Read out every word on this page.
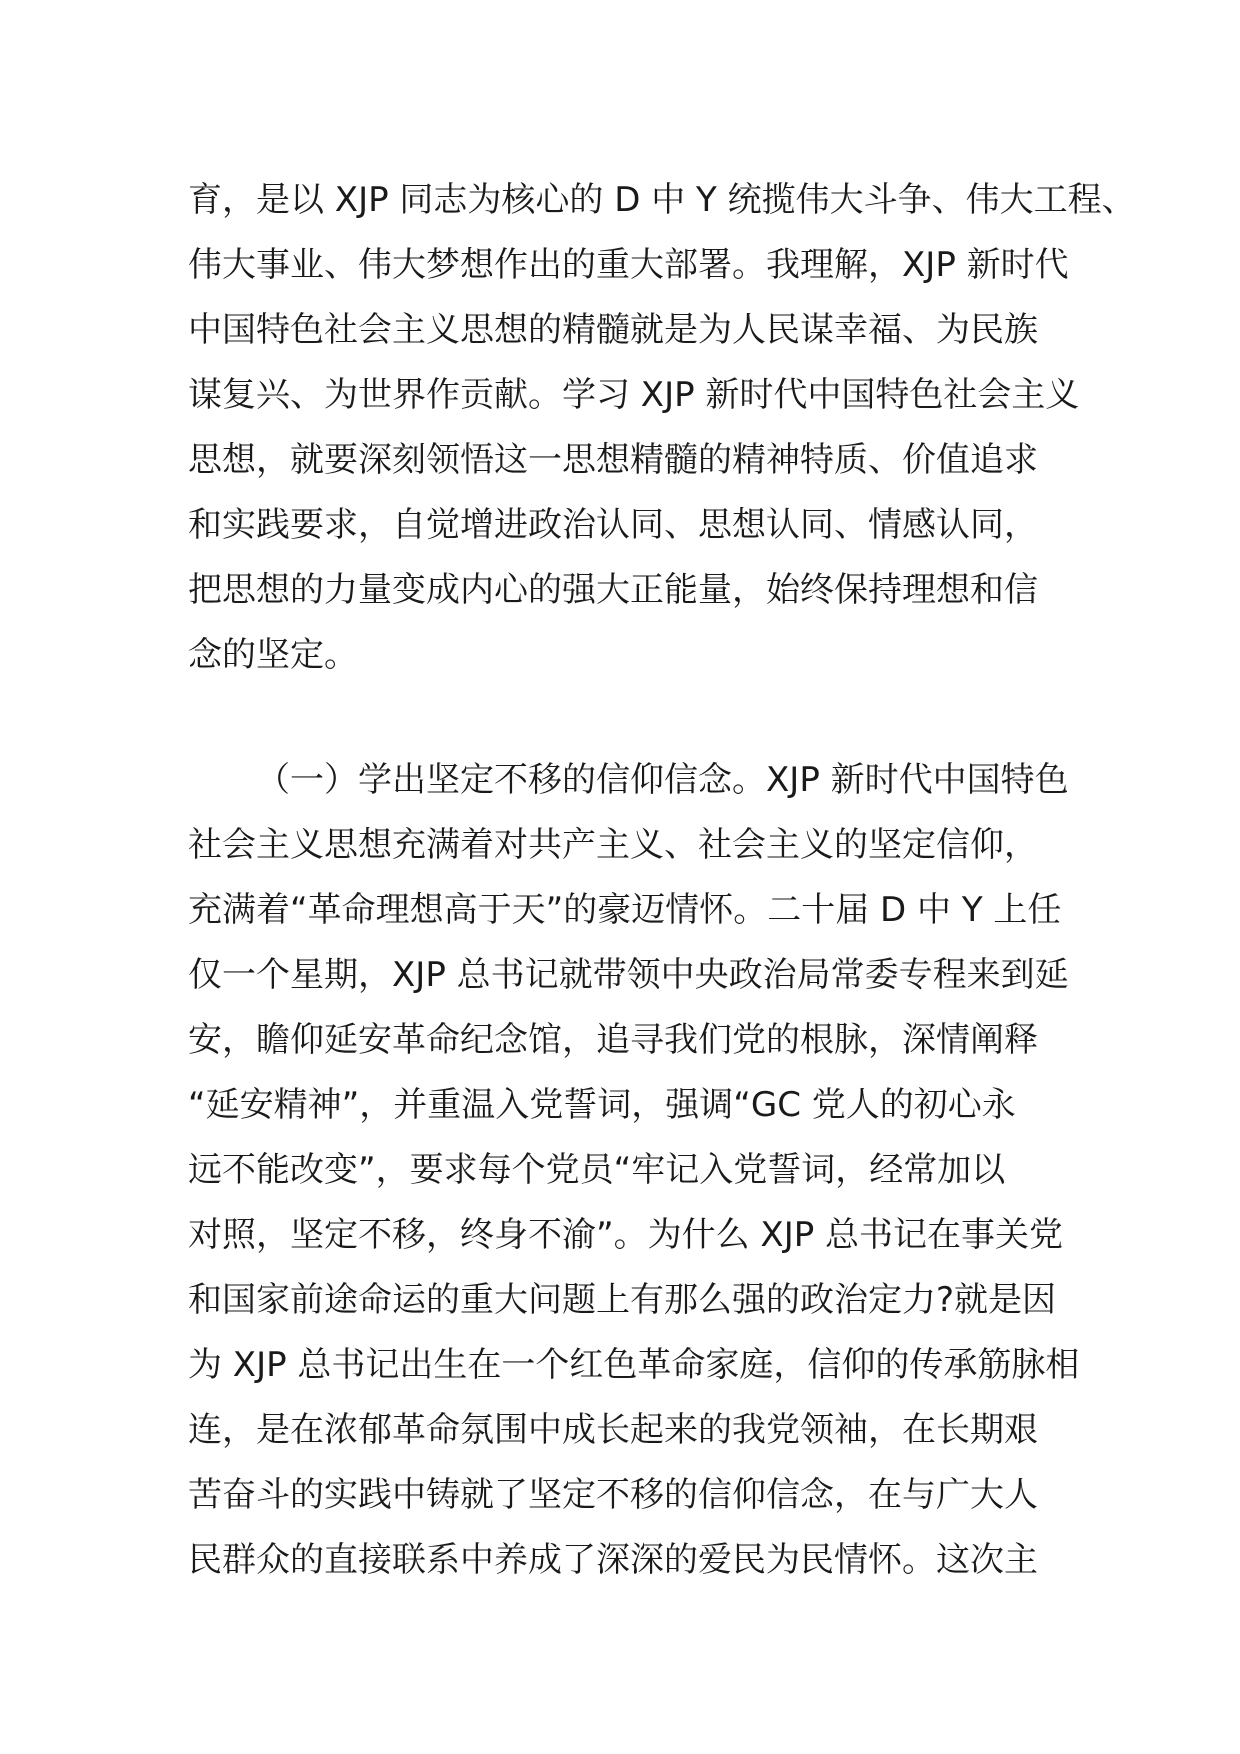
育，是以 XJP 同志为核心的 D 中 Y 统揽伟大斗争、伟大工程、
伟大事业、伟大梦想作出的重大部署。我理解，XJP 新时代
中国特色社会主义思想的精髓就是为人民谋幸福、为民族
谋复兴、为世界作贡献。学习 XJP 新时代中国特色社会主义
思想，就要深刻领悟这一思想精髓的精神特质、价值追求
和实践要求，自觉增进政治认同、思想认同、情感认同，
把思想的力量变成内心的强大正能量，始终保持理想和信
念的坚定。
（一）学出坚定不移的信仰信念。XJP 新时代中国特色
社会主义思想充满着对共产主义、社会主义的坚定信仰，
充满着“革命理想高于天”的豪迈情怀。二十届 D 中 Y 上任
仅一个星期，XJP 总书记就带领中央政治局常委专程来到延
安，瞻仰延安革命纪念馆，追寻我们党的根脉，深情阐释
“延安精神”，并重温入党誓词，强调“GC 党人的初心永
远不能改变”，要求每个党员“牢记入党誓词，经常加以
对照，坚定不移，终身不渝”。为什么 XJP 总书记在事关党
和国家前途命运的重大问题上有那么强的政治定力?就是因
为 XJP 总书记出生在一个红色革命家庭，信仰的传承筋脉相
连，是在浓郁革命氛围中成长起来的我党领袖，在长期艰
苦奋斗的实践中铸就了坚定不移的信仰信念，在与广大人
民群众的直接联系中养成了深深的爱民为民情怀。这次主
